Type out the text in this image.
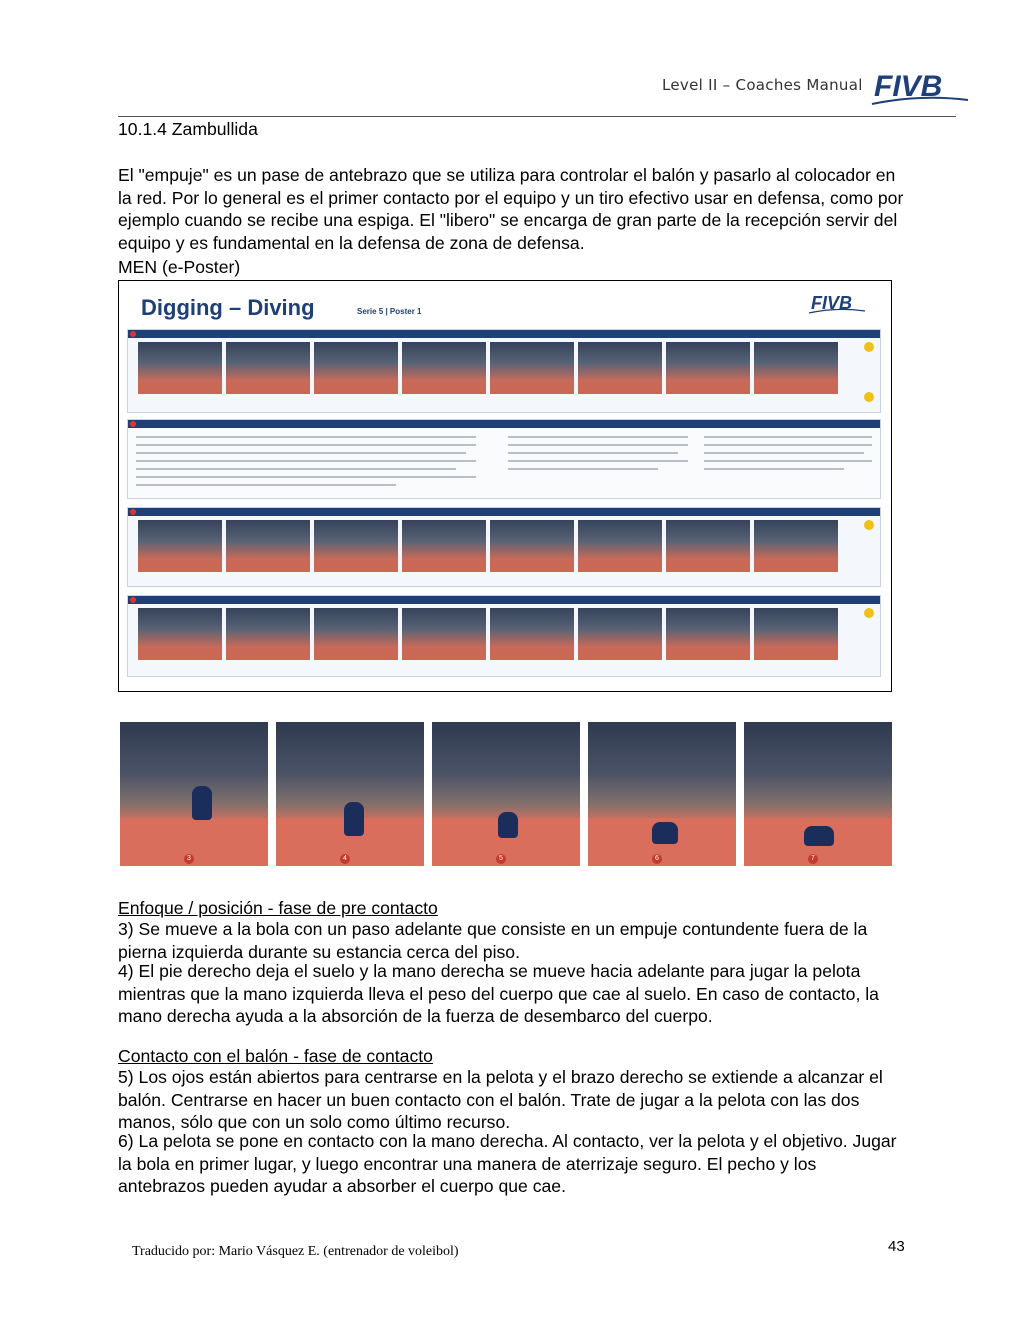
Level II – Coaches Manual FIVB
10.1.4 Zambullida
El "empuje" es un pase de antebrazo que se utiliza para controlar el balón y pasarlo al colocador en la red. Por lo general es el primer contacto por el equipo y un tiro efectivo usar en defensa, como por ejemplo cuando se recibe una espiga. El "libero" se encarga de gran parte de la recepción servir del equipo y es fundamental en la defensa de zona de defensa.
MEN (e-Poster)
Digging – Diving	Serie 5 | Poster 1	FIVB
3	4	5	6	7
Enfoque / posición - fase de pre contacto
3) Se mueve a la bola con un paso adelante que consiste en un empuje contundente fuera de la pierna izquierda durante su estancia cerca del piso.
4) El pie derecho deja el suelo y la mano derecha se mueve hacia adelante para jugar la pelota mientras que la mano izquierda lleva el peso del cuerpo que cae al suelo. En caso de contacto, la mano derecha ayuda a la absorción de la fuerza de desembarco del cuerpo.
Contacto con el balón - fase de contacto
5) Los ojos están abiertos para centrarse en la pelota y el brazo derecho se extiende a alcanzar el balón. Centrarse en hacer un buen contacto con el balón. Trate de jugar a la pelota con las dos manos, sólo que con un solo como último recurso.
6) La pelota se pone en contacto con la mano derecha. Al contacto, ver la pelota y el objetivo. Jugar la bola en primer lugar, y luego encontrar una manera de aterrizaje seguro. El pecho y los antebrazos pueden ayudar a absorber el cuerpo que cae.
Traducido por: Mario Vásquez E. (entrenador de voleibol)	43
